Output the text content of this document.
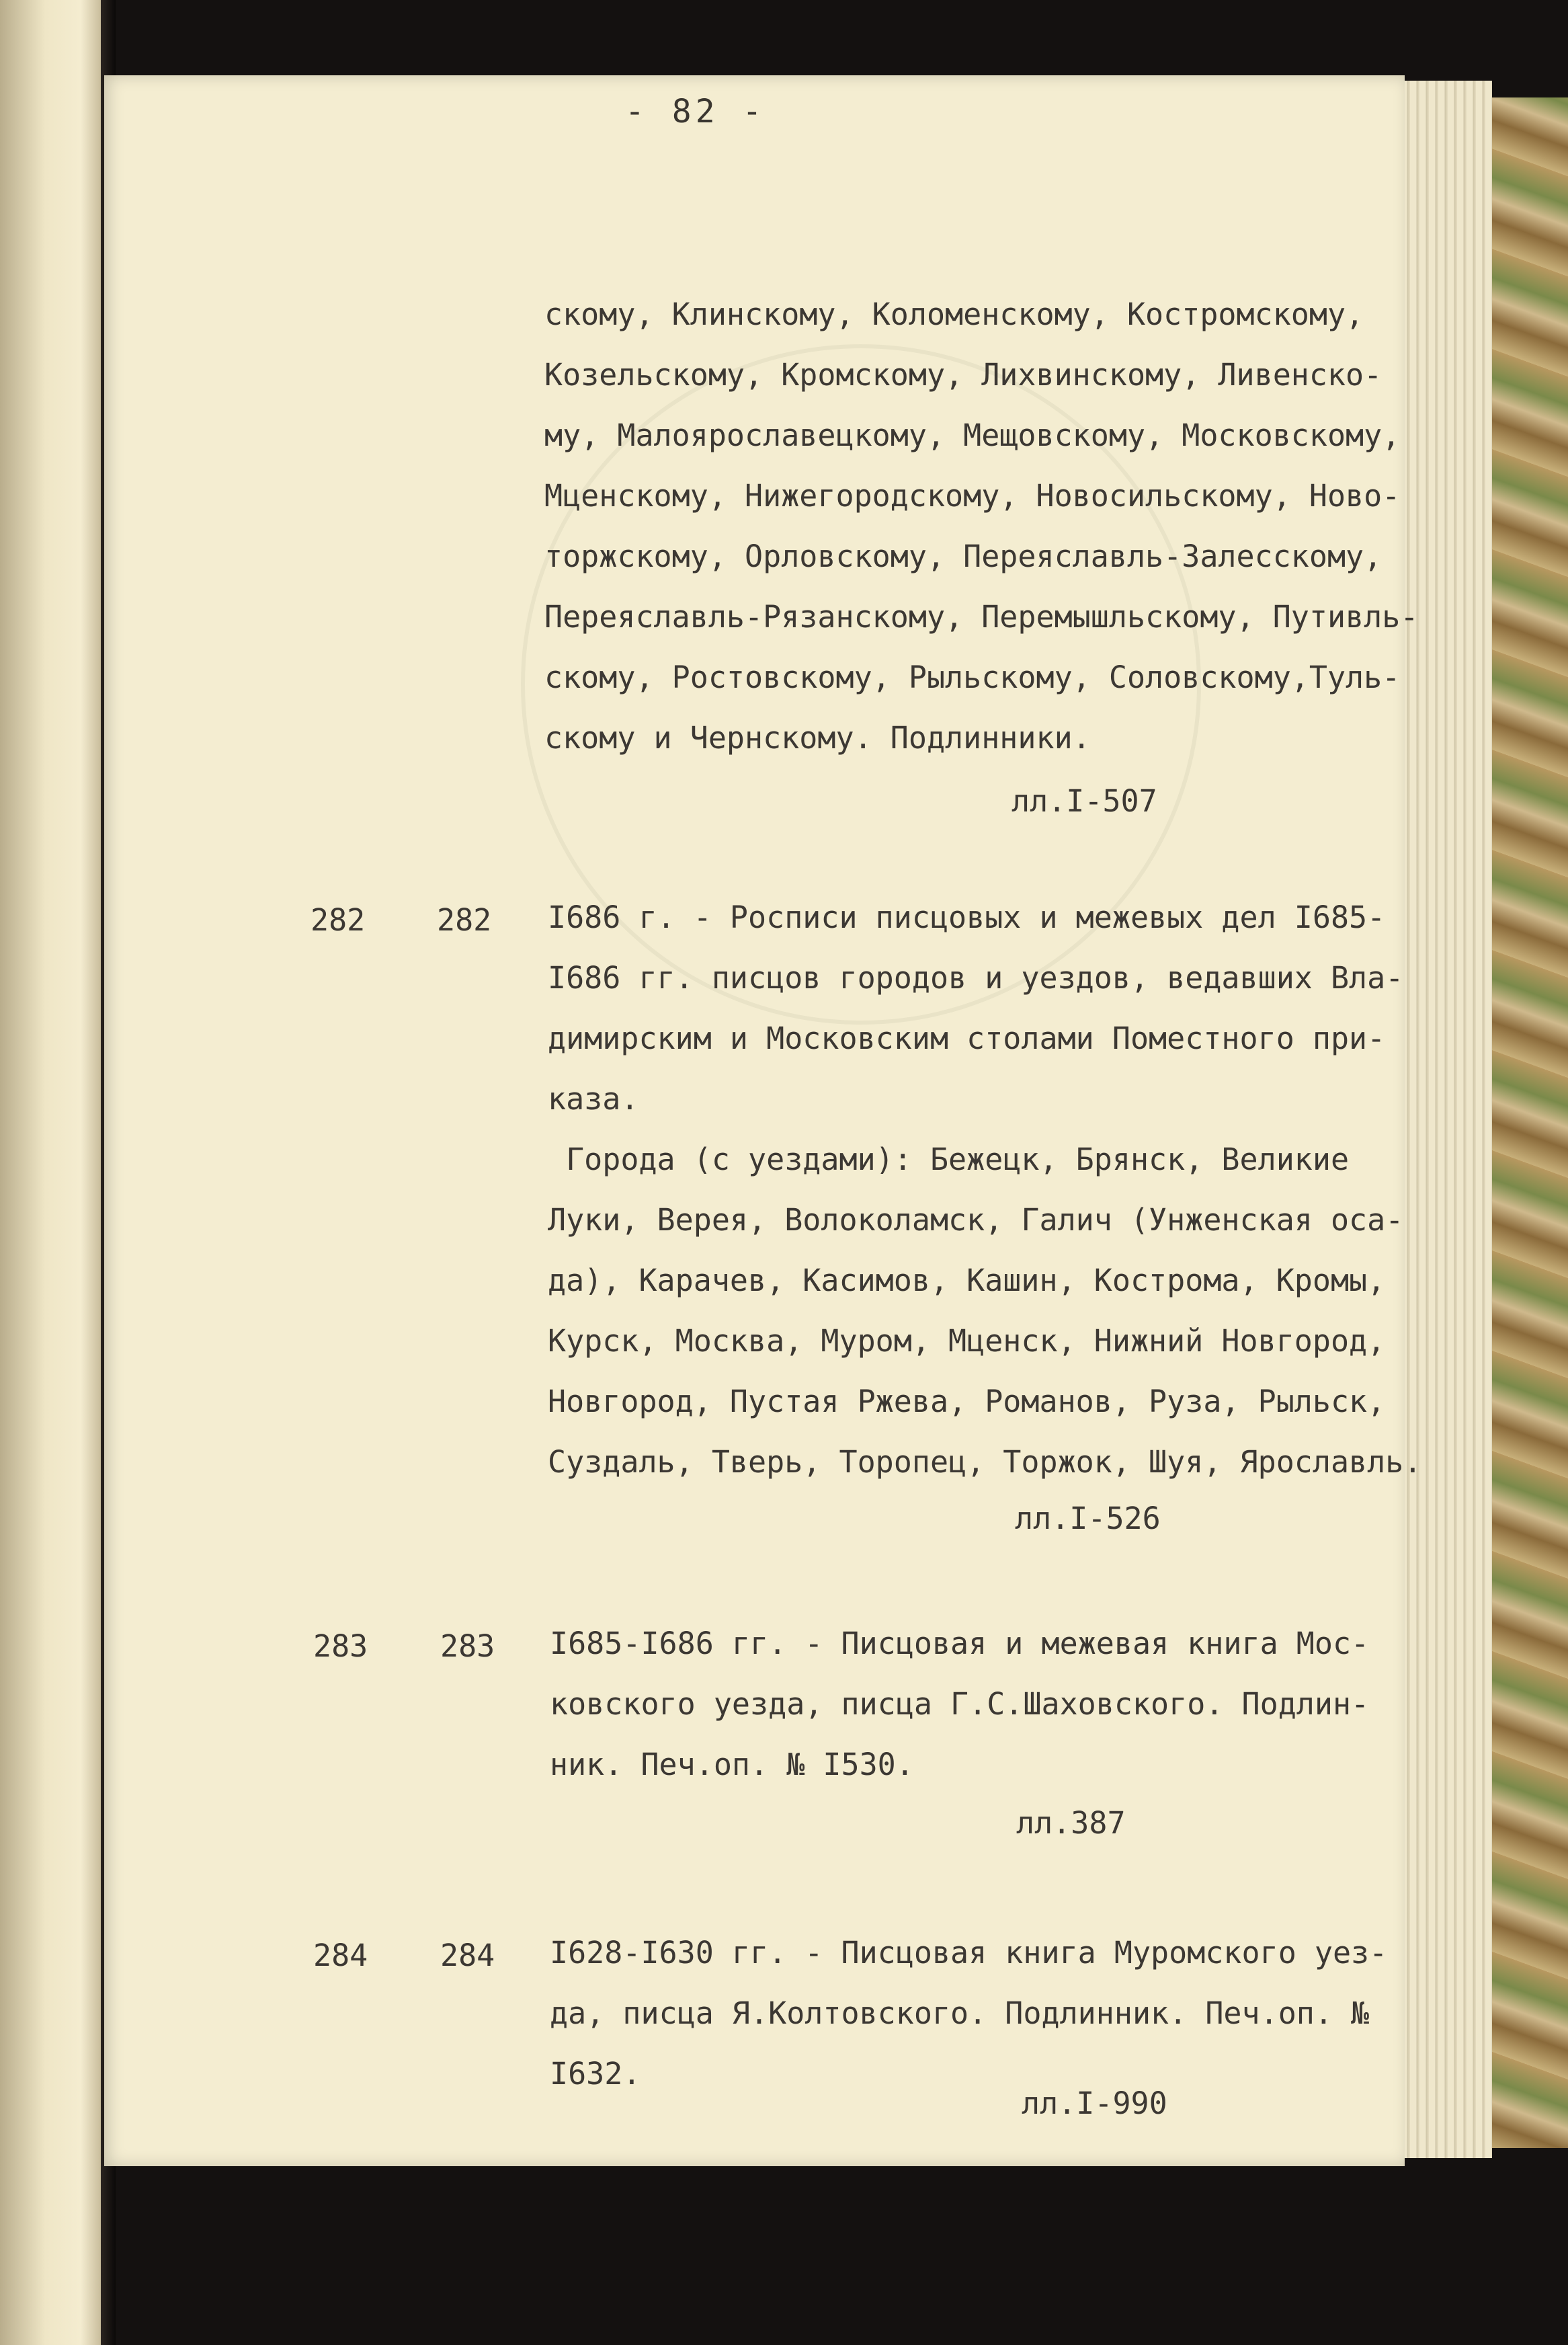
- 82 -
скому, Клинскому, Коломенскому, Костромскому,
Козельскому, Кромскому, Лихвинскому, Ливенско-
му, Малоярославецкому, Мещовскому, Московскому,
Мценскому, Нижегородскому, Новосильскому, Ново-
торжскому, Орловскому, Переяславль-Залесскому,
Переяславль-Рязанскому, Перемышльскому, Путивль-
скому, Ростовскому, Рыльскому, Соловскому,Туль-
скому и Чернскому. Подлинники.
лл.I-507
282 282 I686 г. - Росписи писцовых и межевых дел I685-
I686 гг. писцов городов и уездов, ведавших Вла-
димирским и Московским столами Поместного при-
каза.
Города (с уездами): Бежецк, Брянск, Великие
Луки, Верея, Волоколамск, Галич (Унженская оса-
да), Карачев, Касимов, Кашин, Кострома, Кромы,
Курск, Москва, Муром, Мценск, Нижний Новгород,
Новгород, Пустая Ржева, Романов, Руза, Рыльск,
Суздаль, Тверь, Торопец, Торжок, Шуя, Ярославль.
лл.I-526
283 283 I685-I686 гг. - Писцовая и межевая книга Мос-
ковского уезда, писца Г.С.Шаховского. Подлин-
ник. Печ.оп. № I530.
лл.387
284 284 I628-I630 гг. - Писцовая книга Муромского уез-
да, писца Я.Колтовского. Подлинник. Печ.оп. №
I632.
лл.I-990
